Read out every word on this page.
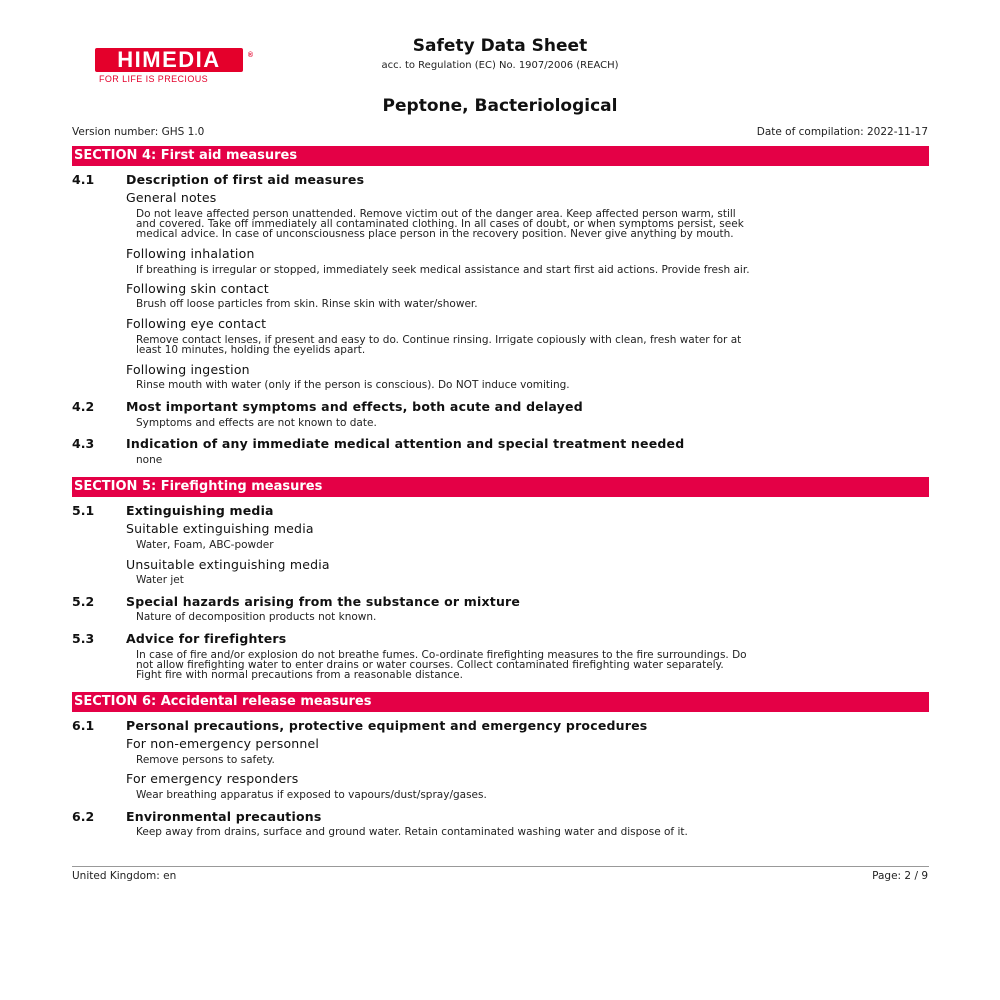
HIMEDIA	®
FOR LIFE IS PRECIOUS
Safety Data Sheet
acc. to Regulation (EC) No. 1907/2006 (REACH)
Peptone, Bacteriological
Version number: GHS 1.0	Date of compilation: 2022-11-17
SECTION 4: First aid measures
4.1	Description of first aid measures
General notes
Do not leave affected person unattended. Remove victim out of the danger area. Keep affected person warm, still
and covered. Take off immediately all contaminated clothing. In all cases of doubt, or when symptoms persist, seek
medical advice. In case of unconsciousness place person in the recovery position. Never give anything by mouth.
Following inhalation
If breathing is irregular or stopped, immediately seek medical assistance and start first aid actions. Provide fresh air.
Following skin contact
Brush off loose particles from skin. Rinse skin with water/shower.
Following eye contact
Remove contact lenses, if present and easy to do. Continue rinsing. Irrigate copiously with clean, fresh water for at
least 10 minutes, holding the eyelids apart.
Following ingestion
Rinse mouth with water (only if the person is conscious). Do NOT induce vomiting.
4.2	Most important symptoms and effects, both acute and delayed
Symptoms and effects are not known to date.
4.3	Indication of any immediate medical attention and special treatment needed
none
SECTION 5: Firefighting measures
5.1	Extinguishing media
Suitable extinguishing media
Water, Foam, ABC-powder
Unsuitable extinguishing media
Water jet
5.2	Special hazards arising from the substance or mixture
Nature of decomposition products not known.
5.3	Advice for firefighters
In case of fire and/or explosion do not breathe fumes. Co-ordinate firefighting measures to the fire surroundings. Do
not allow firefighting water to enter drains or water courses. Collect contaminated firefighting water separately.
Fight fire with normal precautions from a reasonable distance.
SECTION 6: Accidental release measures
6.1	Personal precautions, protective equipment and emergency procedures
For non-emergency personnel
Remove persons to safety.
For emergency responders
Wear breathing apparatus if exposed to vapours/dust/spray/gases.
6.2	Environmental precautions
Keep away from drains, surface and ground water. Retain contaminated washing water and dispose of it.
United Kingdom: en	Page: 2 / 9
